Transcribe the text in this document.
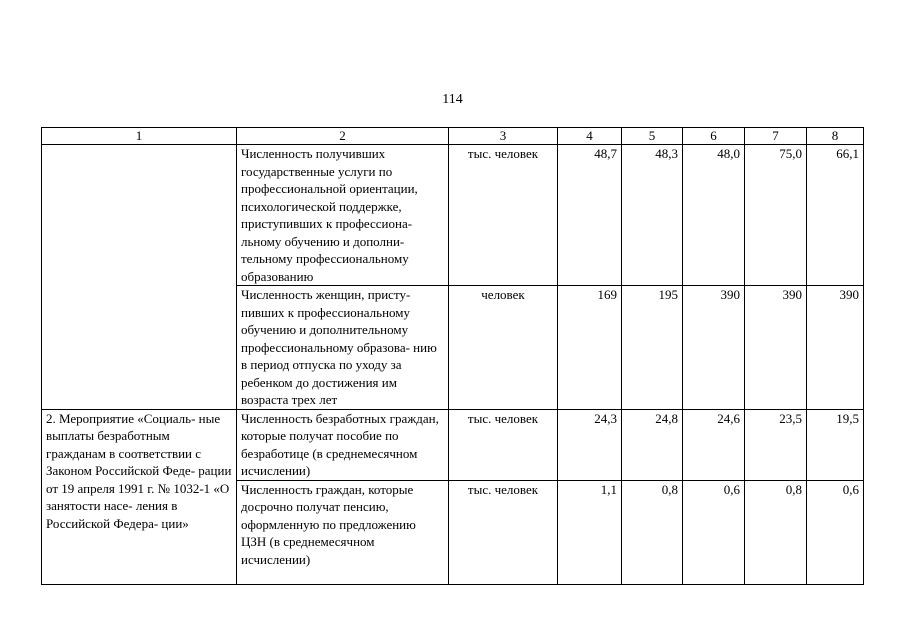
114
1	2	3	4	5	6	7	8
	Численность получивших государственные услуги по профессиональной ориентации, психологической поддержке, приступивших к профессиона- льному обучению и дополни- тельному профессиональному образованию	тыс. человек	48,7	48,3	48,0	75,0	66,1
	Численность женщин, присту- пивших к профессиональному обучению и дополнительному профессиональному образова- нию в период отпуска по уходу за ребенком до достижения им возраста трех лет	человек	169	195	390	390	390
2. Мероприятие «Социаль- ные выплаты безработным гражданам в соответствии с Законом Российской Феде- рации от 19 апреля 1991 г. № 1032-1 «О занятости насе- ления в Российской Федера- ции»	Численность безработных граждан, которые получат пособие по безработице (в среднемесячном исчислении)	тыс. человек	24,3	24,8	24,6	23,5	19,5
	Численность граждан, которые досрочно получат пенсию, оформленную по предложению ЦЗН (в среднемесячном исчислении)	тыс. человек	1,1	0,8	0,6	0,8	0,6
